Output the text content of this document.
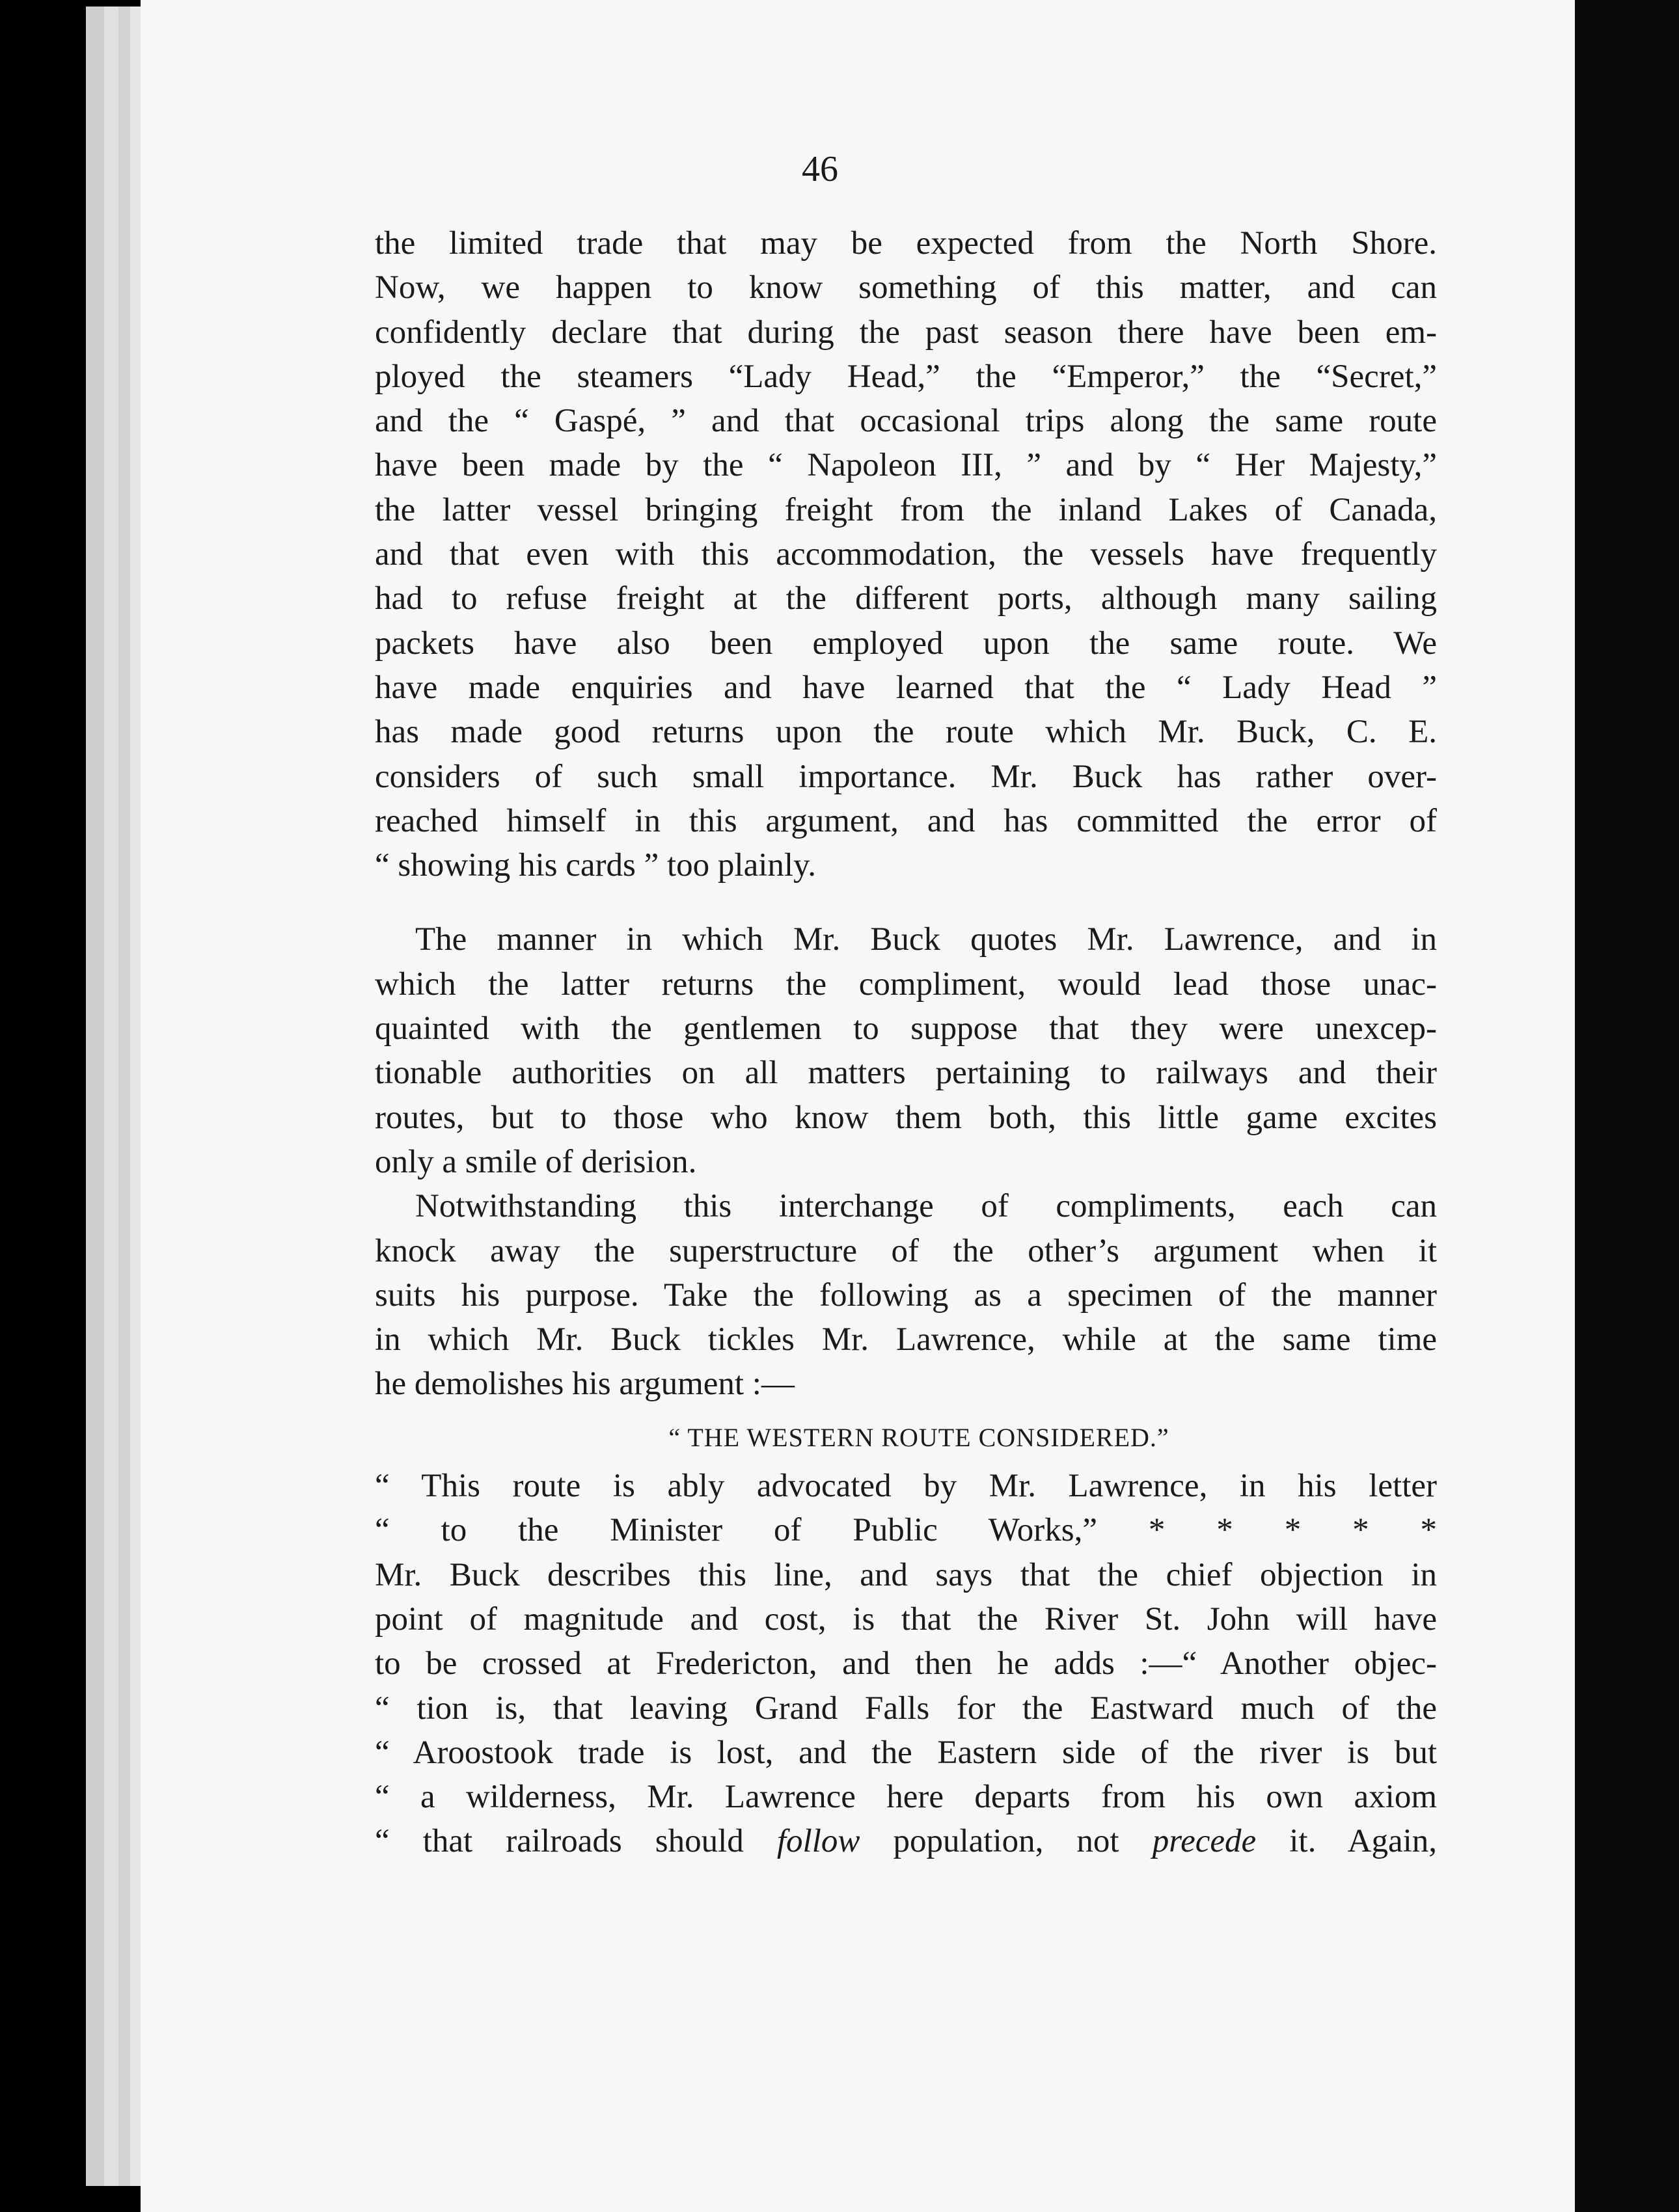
46
the limited trade that may be expected from the North Shore.
Now, we happen to know something of this matter, and can
confidently declare that during the past season there have been em-
ployed the steamers “Lady Head,” the “Emperor,” the “Secret,”
and the “ Gaspé, ” and that occasional trips along the same route
have been made by the “ Napoleon III, ” and by “ Her Majesty,”
the latter vessel bringing freight from the inland Lakes of Canada,
and that even with this accommodation, the vessels have frequently
had to refuse freight at the different ports, although many sailing
packets have also been employed upon the same route. We
have made enquiries and have learned that the “ Lady Head ”
has made good returns upon the route which Mr. Buck, C. E.
considers of such small importance. Mr. Buck has rather over-
reached himself in this argument, and has committed the error of
“ showing his cards ” too plainly.
The manner in which Mr. Buck quotes Mr. Lawrence, and in
which the latter returns the compliment, would lead those unac-
quainted with the gentlemen to suppose that they were unexcep-
tionable authorities on all matters pertaining to railways and their
routes, but to those who know them both, this little game excites
only a smile of derision.
Notwithstanding this interchange of compliments, each can
knock away the superstructure of the other’s argument when it
suits his purpose. Take the following as a specimen of the manner
in which Mr. Buck tickles Mr. Lawrence, while at the same time
he demolishes his argument :—
“ THE WESTERN ROUTE CONSIDERED.”
“ This route is ably advocated by Mr. Lawrence, in his letter
“ to the Minister of Public Works,” * * * * *
Mr. Buck describes this line, and says that the chief objection in
point of magnitude and cost, is that the River St. John will have
to be crossed at Fredericton, and then he adds :—“ Another objec-
“ tion is, that leaving Grand Falls for the Eastward much of the
“ Aroostook trade is lost, and the Eastern side of the river is but
“ a wilderness, Mr. Lawrence here departs from his own axiom
“ that railroads should follow population, not precede it. Again,
